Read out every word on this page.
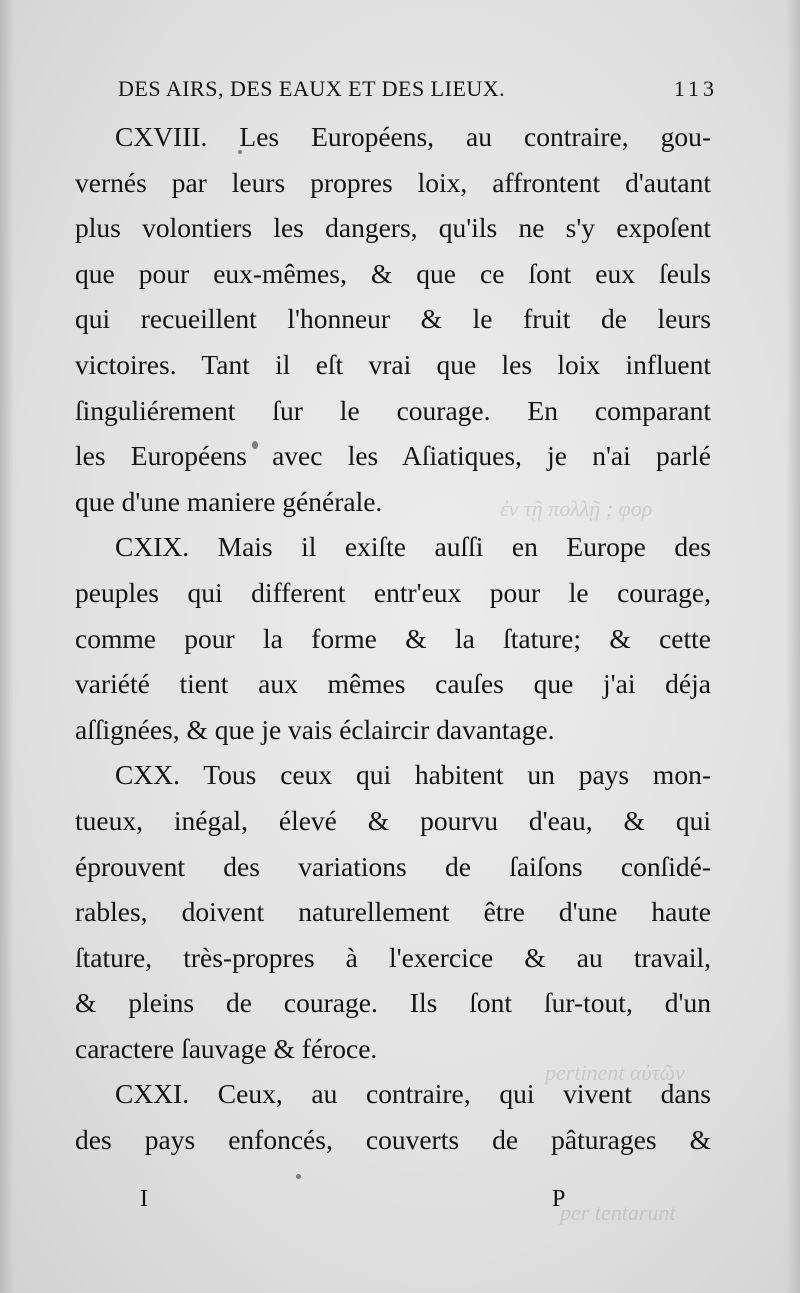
ἐν τῇ πολλῇ ; φορ
pertinent αὐτῶν
per tentarunt
DES AIRS, DES EAUX ET DES LIEUX.	113
CXVIII. Les Européens, au contraire, gou-
vernés par leurs propres loix, affrontent d'autant
plus volontiers les dangers, qu'ils ne s'y expoſent
que pour eux-mêmes, & que ce ſont eux ſeuls
qui recueillent l'honneur & le fruit de leurs
victoires. Tant il eſt vrai que les loix influent
ſinguliérement ſur le courage. En comparant
les Européens avec les Aſiatiques, je n'ai parlé
que d'une maniere générale.
CXIX. Mais il exiſte auſſi en Europe des
peuples qui different entr'eux pour le courage,
comme pour la forme & la ſtature; & cette
variété tient aux mêmes cauſes que j'ai déja
aſſignées, & que je vais éclaircir davantage.
CXX. Tous ceux qui habitent un pays mon-
tueux, inégal, élevé & pourvu d'eau, & qui
éprouvent des variations de ſaiſons conſidé-
rables, doivent naturellement être d'une haute
ſtature, très-propres à l'exercice & au travail,
& pleins de courage. Ils ſont ſur-tout, d'un
caractere ſauvage & féroce.
CXXI. Ceux, au contraire, qui vivent dans
des pays enfoncés, couverts de pâturages &
I	P
